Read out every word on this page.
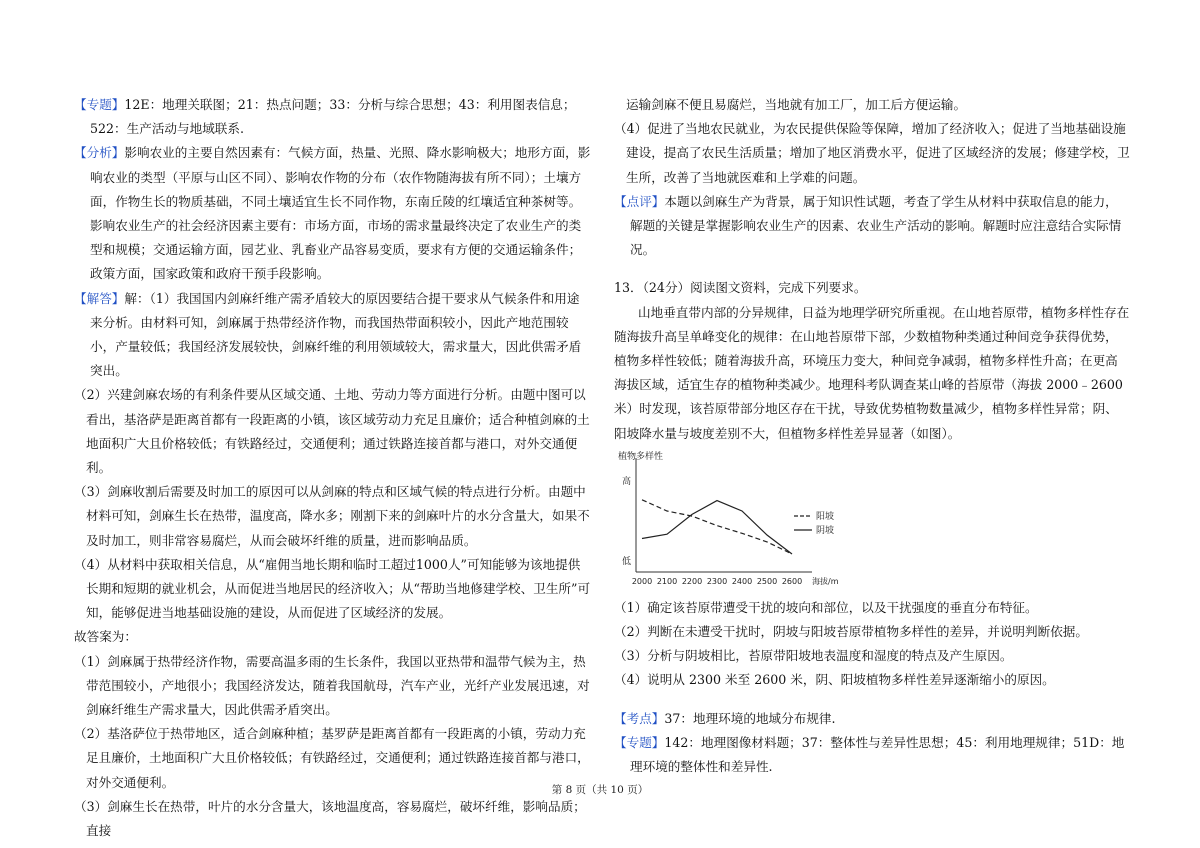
【专题】12E：地理关联图；21：热点问题；33：分析与综合思想；43：利用图表信息；522：生产活动与地域联系.

【分析】影响农业的主要自然因素有：气候方面，热量、光照、降水影响极大；地形方面，影响农业的类型（平原与山区不同）、影响农作物的分布（农作物随海拔有所不同）；土壤方面，作物生长的物质基础，不同土壤适宜生长不同作物，东南丘陵的红壤适宜种茶树等。影响农业生产的社会经济因素主要有：市场方面，市场的需求量最终决定了农业生产的类型和规模；交通运输方面，园艺业、乳畜业产品容易变质，要求有方便的交通运输条件；政策方面，国家政策和政府干预手段影响。

【解答】解：（1）我国国内剑麻纤维产需矛盾较大的原因要结合提干要求从气候条件和用途来分析。由材料可知，剑麻属于热带经济作物，而我国热带面积较小，因此产地范围较小，产量较低；我国经济发展较快，剑麻纤维的利用领域较大，需求量大，因此供需矛盾突出。

（2）兴建剑麻农场的有利条件要从区域交通、土地、劳动力等方面进行分析。由题中图可以看出，基洛萨是距离首都有一段距离的小镇，该区域劳动力充足且廉价；适合种植剑麻的土地面积广大且价格较低；有铁路经过，交通便利；通过铁路连接首都与港口，对外交通便利。

（3）剑麻收割后需要及时加工的原因可以从剑麻的特点和区域气候的特点进行分析。由题中材料可知，剑麻生长在热带，温度高，降水多；刚割下来的剑麻叶片的水分含量大，如果不及时加工，则非常容易腐烂，从而会破坏纤维的质量，进而影响品质。

（4）从材料中获取相关信息，从“雇佣当地长期和临时工超过1000人”可知能够为该地提供长期和短期的就业机会，从而促进当地居民的经济收入；从“帮助当地修建学校、卫生所”可知，能够促进当地基础设施的建设，从而促进了区域经济的发展。

故答案为：

（1）剑麻属于热带经济作物，需要高温多雨的生长条件，我国以亚热带和温带气候为主，热带范围较小，产地很小；我国经济发达，随着我国航母，汽车产业，光纤产业发展迅速，对剑麻纤维生产需求量大，因此供需矛盾突出。

（2）基洛萨位于热带地区，适合剑麻种植；基罗萨是距离首都有一段距离的小镇，劳动力充足且廉价，土地面积广大且价格较低；有铁路经过，交通便利；通过铁路连接首都与港口，对外交通便利。

（3）剑麻生长在热带，叶片的水分含量大，该地温度高，容易腐烂，破坏纤维，影响品质；直接

运输剑麻不便且易腐烂，当地就有加工厂，加工后方便运输。

（4）促进了当地农民就业，为农民提供保险等保障，增加了经济收入；促进了当地基础设施建设，提高了农民生活质量；增加了地区消费水平，促进了区域经济的发展；修建学校，卫生所，改善了当地就医难和上学难的问题。

【点评】本题以剑麻生产为背景，属于知识性试题，考查了学生从材料中获取信息的能力，解题的关键是掌握影响农业生产的因素、农业生产活动的影响。解题时应注意结合实际情况。

13．（24分）阅读图文资料，完成下列要求。

山地垂直带内部的分异规律，日益为地理学研究所重视。在山地苔原带，植物多样性存在随海拔升高呈单峰变化的规律：在山地苔原带下部，少数植物种类通过种间竞争获得优势，植物多样性较低；随着海拔升高，环境压力变大，种间竞争减弱，植物多样性升高；在更高海拔区域，适宜生存的植物种类减少。地理科考队调查某山峰的苔原带（海拔 2000﹣2600 米）时发现，该苔原带部分地区存在干扰，导致优势植物数量减少，植物多样性异常；阴、阳坡降水量与坡度差别不大，但植物多样性差异显著（如图）。

植物多样性
高
低
海拔/m
2000 2100 2200 2300 2400 2500 2600
阳坡
阴坡

（1）确定该苔原带遭受干扰的坡向和部位，以及干扰强度的垂直分布特征。

（2）判断在未遭受干扰时，阴坡与阳坡苔原带植物多样性的差异，并说明判断依据。

（3）分析与阴坡相比，苔原带阳坡地表温度和湿度的特点及产生原因。

（4）说明从 2300 米至 2600 米，阴、阳坡植物多样性差异逐渐缩小的原因。

【考点】37：地理环境的地域分布规律.

【专题】142：地理图像材料题；37：整体性与差异性思想；45：利用地理规律；51D：地理环境的整体性和差异性.

第 8 页（共 10 页）
